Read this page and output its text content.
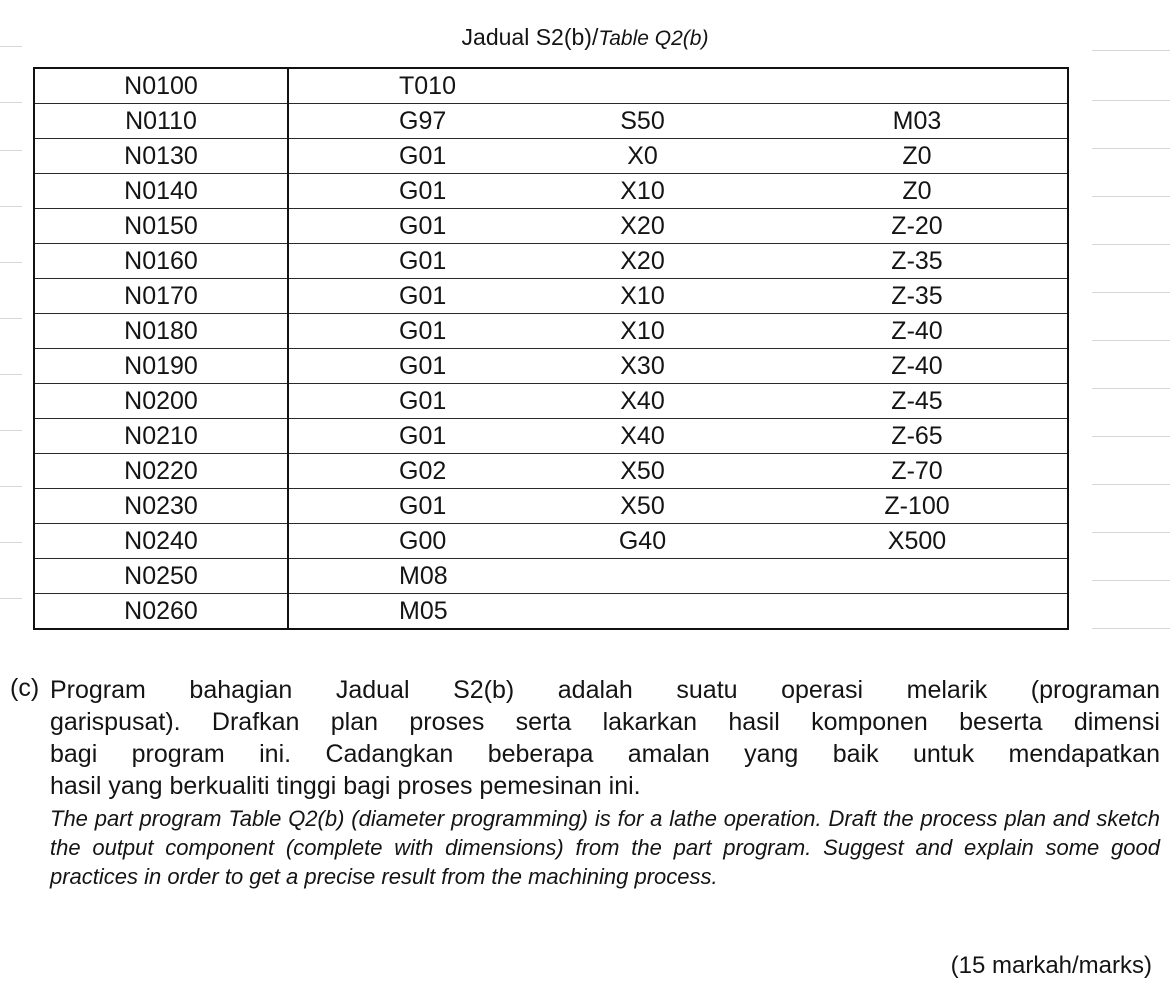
Jadual S2(b)/Table Q2(b)
N0100	T010		
N0110	G97	S50	M03
N0130	G01	X0	Z0
N0140	G01	X10	Z0
N0150	G01	X20	Z-20
N0160	G01	X20	Z-35
N0170	G01	X10	Z-35
N0180	G01	X10	Z-40
N0190	G01	X30	Z-40
N0200	G01	X40	Z-45
N0210	G01	X40	Z-65
N0220	G02	X50	Z-70
N0230	G01	X50	Z-100
N0240	G00	G40	X500
N0250	M08		
N0260	M05		
(c) Program bahagian Jadual S2(b) adalah suatu operasi melarik (programan
garispusat). Drafkan plan proses serta lakarkan hasil komponen beserta dimensi
bagi program ini. Cadangkan beberapa amalan yang baik untuk mendapatkan
hasil yang berkualiti tinggi bagi proses pemesinan ini.
The part program Table Q2(b) (diameter programming) is for a lathe operation. Draft the process plan and sketch the output component (complete with dimensions) from the part program. Suggest and explain some good practices in order to get a precise result from the machining process.
(15 markah/marks)
